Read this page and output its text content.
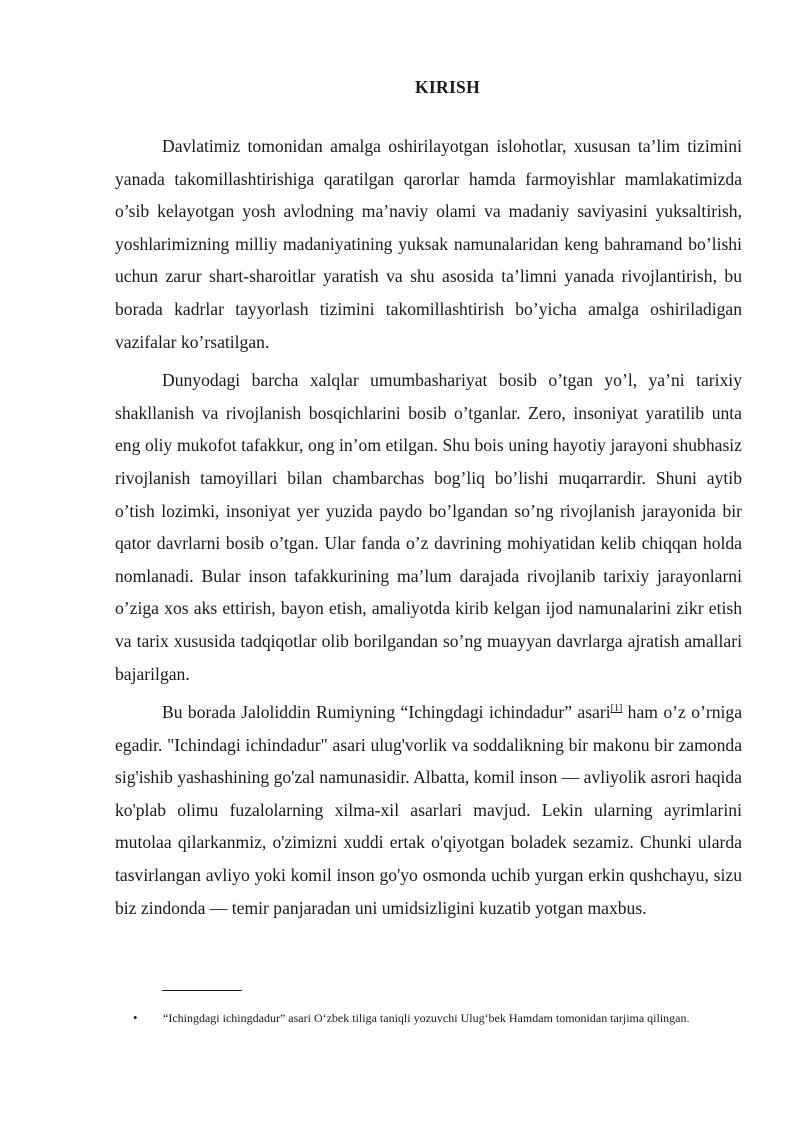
KIRISH

Davlatimiz tomonidan amalga oshirilayotgan islohotlar, xususan ta’lim tizimini yanada takomillashtirishiga qaratilgan qarorlar hamda farmoyishlar mamlakatimizda o’sib kelayotgan yosh avlodning ma’naviy olami va madaniy saviyasini yuksaltirish, yoshlarimizning milliy madaniyatining yuksak namunalaridan keng bahramand bo’lishi uchun zarur shart-sharoitlar yaratish va shu asosida ta’limni yanada rivojlantirish, bu borada kadrlar tayyorlash tizimini takomillashtirish bo’yicha amalga oshiriladigan vazifalar ko’rsatilgan.

Dunyodagi barcha xalqlar umumbashariyat bosib o’tgan yo’l, ya’ni tarixiy shakllanish va rivojlanish bosqichlarini bosib o’tganlar. Zero, insoniyat yaratilib unta eng oliy mukofot tafakkur, ong in’om etilgan. Shu bois uning hayotiy jarayoni shubhasiz rivojlanish tamoyillari bilan chambarchas bog’liq bo’lishi muqarrardir. Shuni aytib o’tish lozimki, insoniyat yer yuzida paydo bo’lgandan so’ng rivojlanish jarayonida bir qator davrlarni bosib o’tgan. Ular fanda o’z davrining mohiyatidan kelib chiqqan holda nomlanadi. Bular inson tafakkurining ma’lum darajada rivojlanib tarixiy jarayonlarni o’ziga xos aks ettirish, bayon etish, amaliyotda kirib kelgan ijod namunalarini zikr etish va tarix xususida tadqiqotlar olib borilgandan so’ng muayyan davrlarga ajratish amallari bajarilgan.

Bu borada Jaloliddin Rumiyning “Ichingdagi ichindadur” asari[1] ham o’z o’rniga egadir. "Ichindagi ichindadur" asari ulug'vorlik va soddalikning bir makonu bir zamonda sig'ishib yashashining go'zal namunasidir. Albatta, komil inson — avliyolik asrori haqida ko'plab olimu fuzalolarning xilma-xil asarlari mavjud. Lekin ularning ayrimlarini mutolaa qilarkanmiz, o'zimizni xuddi ertak o'qiyotgan boladek sezamiz. Chunki ularda tasvirlangan avliyo yoki komil inson go'yo osmonda uchib yurgan erkin qushchayu, sizu biz zindonda — temir panjaradan uni umidsizligini kuzatib yotgan maxbus.

•	“Ichingdagi ichingdadur” asari O‘zbek tiliga taniqli yozuvchi Ulug‘bek Hamdam tomonidan tarjima qilingan.
